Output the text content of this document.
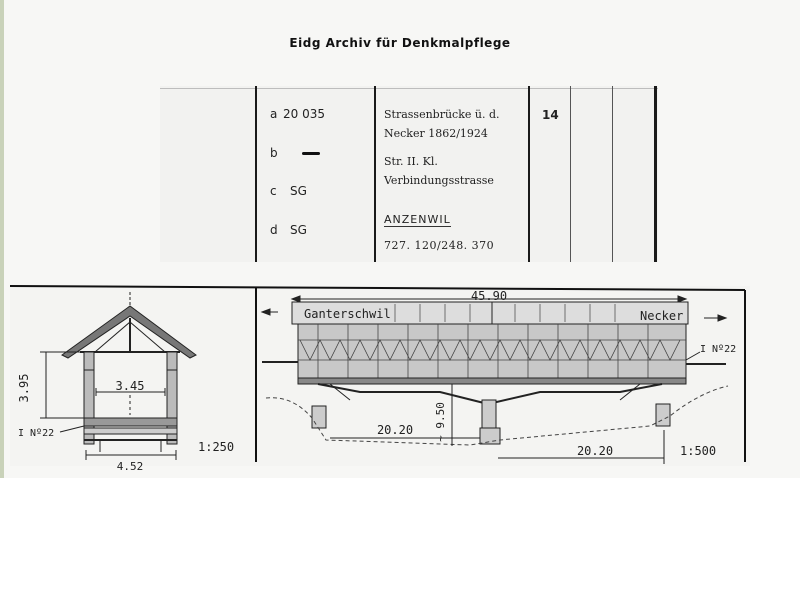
Eidg Archiv für Denkmalpflege
a 20 035
b
c SG
d SG
Strassenbrücke ü. d.
Necker 1862/1924
Str. II. Kl.
Verbindungsstrasse
ANZENWIL
727. 120/248. 370
14
3.95	3.45
4.52
I Nº22
1:250
45.90
Ganterschwil	Necker
I Nº22
~ 9.50
20.20
20.20	1:500
